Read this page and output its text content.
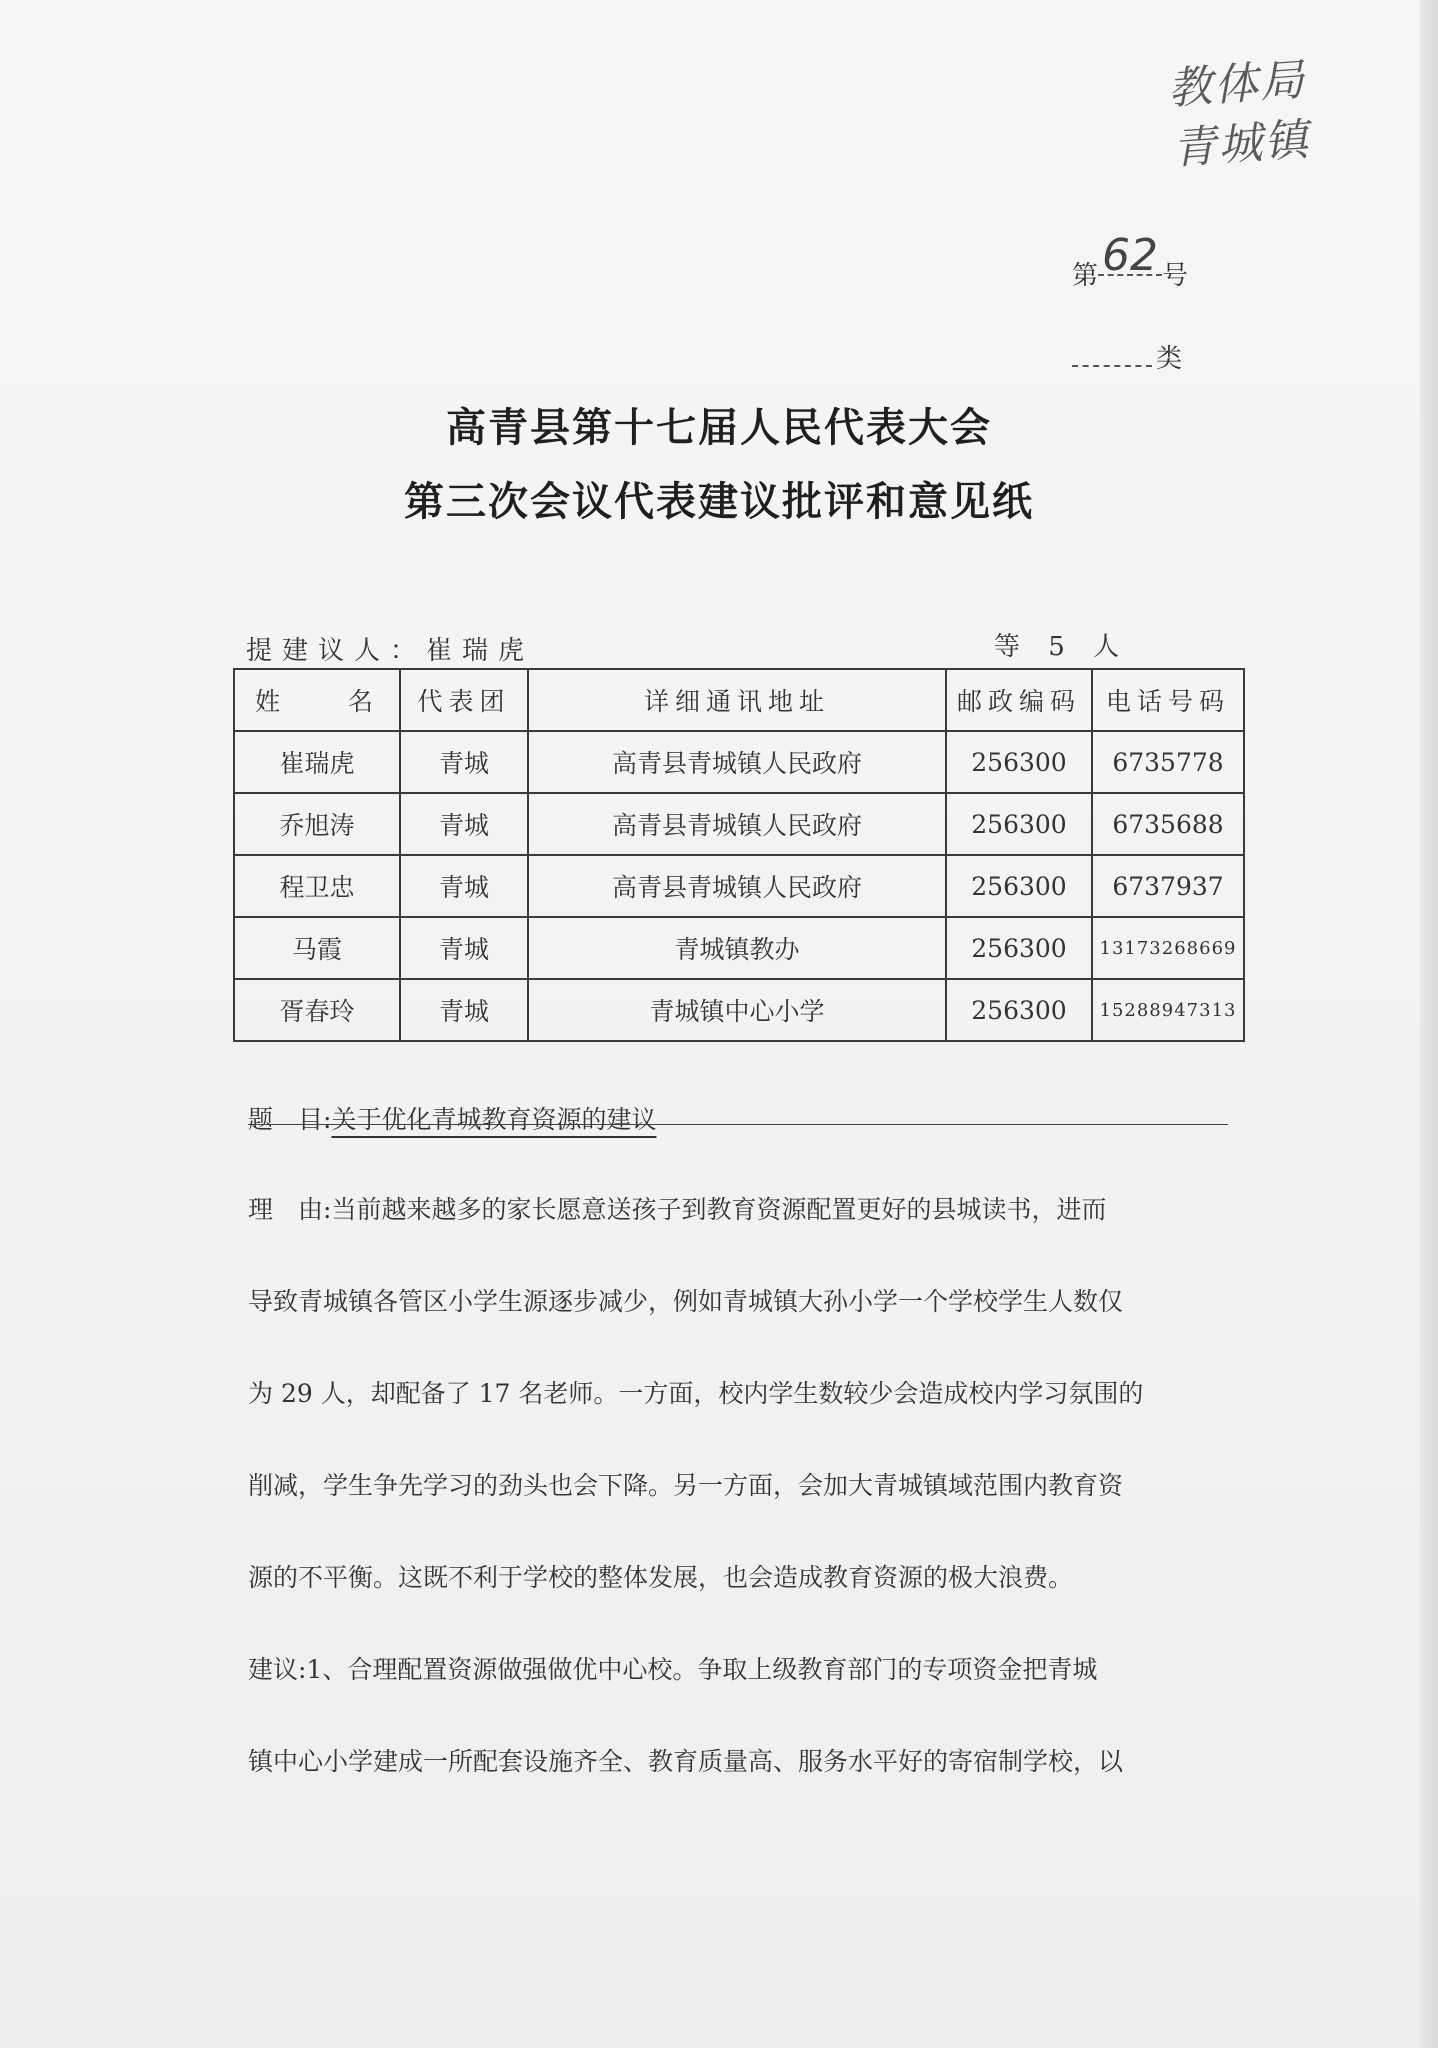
教体局
青城镇
第62 号
类
高青县第十七届人民代表大会
第三次会议代表建议批评和意见纸
提建议人：崔瑞虎	等 5 人
姓　　名	代表团	详细通讯地址	邮政编码	电话号码
崔瑞虎	青城	高青县青城镇人民政府	256300	6735778
乔旭涛	青城	高青县青城镇人民政府	256300	6735688
程卫忠	青城	高青县青城镇人民政府	256300	6737937
马霞	青城	青城镇教办	256300	13173268669
胥春玲	青城	青城镇中心小学	256300	15288947313
题　目:关于优化青城教育资源的建议
理　由:当前越来越多的家长愿意送孩子到教育资源配置更好的县城读书，进而
导致青城镇各管区小学生源逐步减少，例如青城镇大孙小学一个学校学生人数仅
为 29 人，却配备了 17 名老师。一方面，校内学生数较少会造成校内学习氛围的
削减，学生争先学习的劲头也会下降。另一方面，会加大青城镇域范围内教育资
源的不平衡。这既不利于学校的整体发展，也会造成教育资源的极大浪费。
建议:1、合理配置资源做强做优中心校。争取上级教育部门的专项资金把青城
镇中心小学建成一所配套设施齐全、教育质量高、服务水平好的寄宿制学校，以
